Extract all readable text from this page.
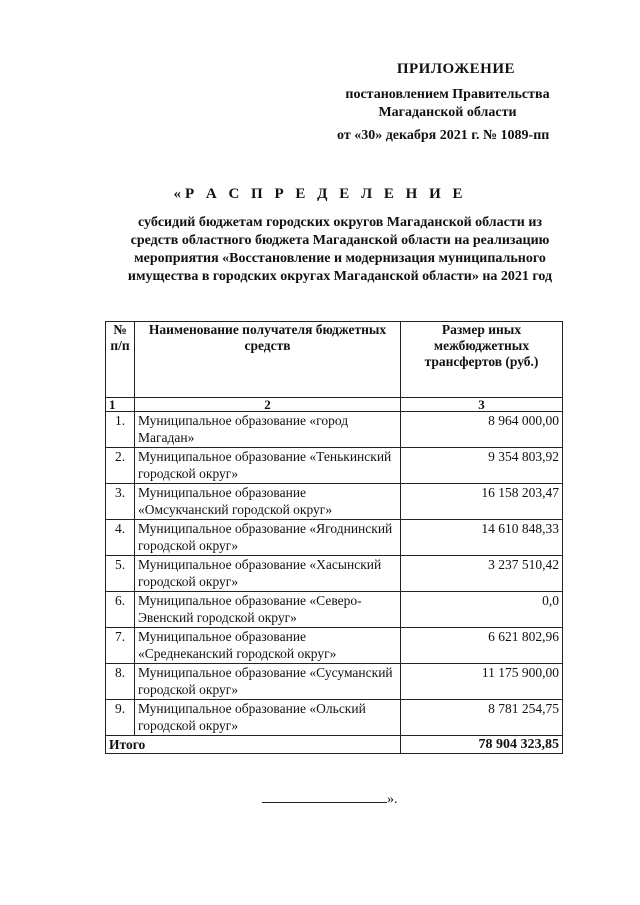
ПРИЛОЖЕНИЕ
постановлением Правительства
Магаданской области
от «30» декабря 2021 г. № 1089-пп
«Р А С П Р Е Д Е Л Е Н И Е
субсидий бюджетам городских округов Магаданской области из
средств областного бюджета Магаданской области на реализацию
мероприятия «Восстановление и модернизация муниципального
имущества в городских округах Магаданской области» на 2021 год
№ п/п	Наименование получателя бюджетных средств	Размер иных межбюджетных трансфертов (руб.)
1	2	3
1.	Муниципальное образование «город Магадан»	8 964 000,00
2.	Муниципальное образование «Тенькинский городской округ»	9 354 803,92
3.	Муниципальное образование «Омсукчанский городской округ»	16 158 203,47
4.	Муниципальное образование «Ягоднинский городской округ»	14 610 848,33
5.	Муниципальное образование «Хасынский городской округ»	3 237 510,42
6.	Муниципальное образование «Северо-Эвенский городской округ»	0,0
7.	Муниципальное образование «Среднеканский городской округ»	6 621 802,96
8.	Муниципальное образование «Сусуманский городской округ»	11 175 900,00
9.	Муниципальное образование «Ольский городской округ»	8 781 254,75
Итого		78 904 323,85
».
